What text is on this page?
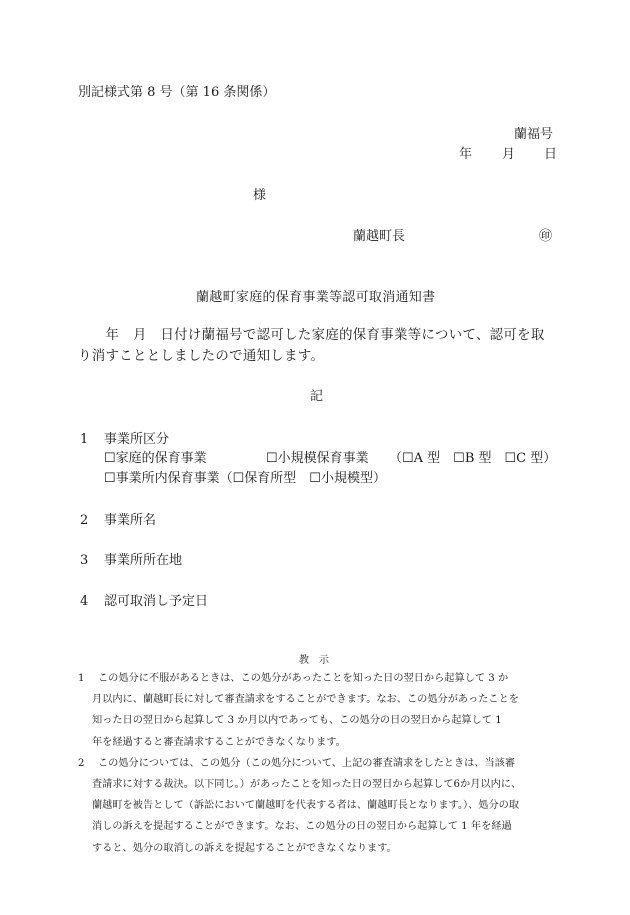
別記様式第 8 号（第 16 条関係）
蘭福号
年 月 日
様
蘭越町長	㊞
蘭越町家庭的保育事業等認可取消通知書

　　年　月　日付け蘭福号で認可した家庭的保育事業等について、認可を取

り消すこととしましたので通知します。

記
1 事業所区分
☐家庭的保育事業	☐小規模保育事業 （☐A 型　☐B 型　☐C 型）
☐事業所内保育事業（☐保育所型　☐小規模型）
2 事業所名
3 事業所所在地
4 認可取消し予定日
教　示
1	この処分に不服があるときは、この処分があったことを知った日の翌日から起算して 3 か
月以内に、蘭越町長に対して審査請求をすることができます。なお、この処分があったことを
知った日の翌日から起算して 3 か月以内であっても、この処分の日の翌日から起算して 1
年を経過すると審査請求することができなくなります。
2	この処分については、この処分（この処分について、上記の審査請求をしたときは、当該審
査請求に対する裁決。以下同じ。）があったことを知った日の翌日から起算して6か月以内に、
蘭越町を被告として（訴訟において蘭越町を代表する者は、蘭越町長となります。）、処分の取
消しの訴えを提起することができます。なお、この処分の日の翌日から起算して 1 年を経過
すると、処分の取消しの訴えを提起することができなくなります。
